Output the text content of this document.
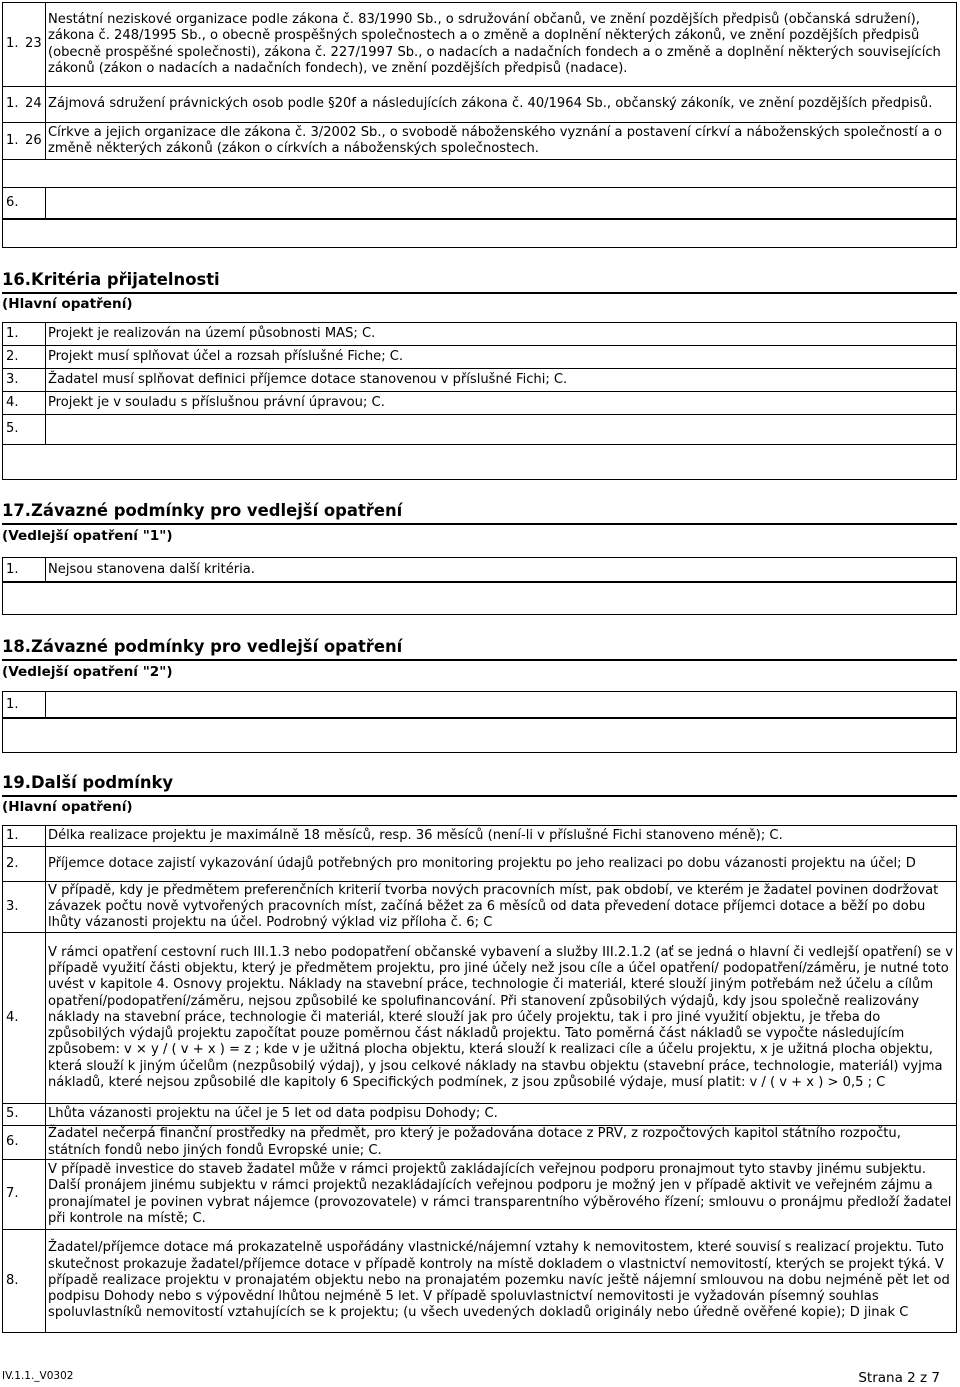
1. 23	Nestátní neziskové organizace podle zákona č. 83/1990 Sb., o sdružování občanů, ve znění pozdějších předpisů (občanská sdružení), zákona č. 248/1995 Sb., o obecně prospěšných společnostech a o změně a doplnění některých zákonů, ve znění pozdějších předpisů (obecně prospěšné společnosti), zákona č. 227/1997 Sb., o nadacích a nadačních fondech a o změně a doplnění některých souvisejících zákonů (zákon o nadacích a nadačních fondech), ve znění pozdějších předpisů (nadace).
1. 24	Zájmová sdružení právnických osob podle §20f a následujících zákona č. 40/1964 Sb., občanský zákoník, ve znění pozdějších předpisů.
1. 26	Církve a jejich organizace dle zákona č. 3/2002 Sb., o svobodě náboženského vyznání a postavení církví a náboženských společností a o změně některých zákonů (zákon o církvích a náboženských společnostech.

6.	
16.Kritéria přijatelnosti
(Hlavní opatření)
1.	Projekt je realizován na území působnosti MAS; C.
2.	Projekt musí splňovat účel a rozsah příslušné Fiche; C.
3.	Žadatel musí splňovat definici příjemce dotace stanovenou v příslušné Fichi; C.
4.	Projekt je v souladu s příslušnou právní úpravou; C.
5.	
17.Závazné podmínky pro vedlejší opatření
(Vedlejší opatření "1")
1.	Nejsou stanovena další kritéria.
18.Závazné podmínky pro vedlejší opatření
(Vedlejší opatření "2")
1.	
19.Další podmínky
(Hlavní opatření)
1.	Délka realizace projektu je maximálně 18 měsíců, resp. 36 měsíců (není-li v příslušné Fichi stanoveno méně); C.
2.	Příjemce dotace zajistí vykazování údajů potřebných pro monitoring projektu po jeho realizaci po dobu vázanosti projektu na účel; D
3.	V případě, kdy je předmětem preferenčních kriterií tvorba nových pracovních míst, pak období, ve kterém je žadatel povinen dodržovat závazek počtu nově vytvořených pracovních míst, začíná běžet za 6 měsíců od data převedení dotace příjemci dotace a běží po dobu lhůty vázanosti projektu na účel. Podrobný výklad viz příloha č. 6; C
4.	V rámci opatření cestovní ruch III.1.3 nebo podopatření občanské vybavení a služby III.2.1.2 (ať se jedná o hlavní či vedlejší opatření) se v případě využití části objektu, který je předmětem projektu, pro jiné účely než jsou cíle a účel opatření/ podopatření/záměru, je nutné toto uvést v kapitole 4. Osnovy projektu. Náklady na stavební práce, technologie či materiál, které slouží jiným potřebám než účelu a cílům opatření/podopatření/záměru, nejsou způsobilé ke spolufinancování. Při stanovení způsobilých výdajů, kdy jsou společně realizovány náklady na stavební práce, technologie či materiál, které slouží jak pro účely projektu, tak i pro jiné využití objektu, je třeba do způsobilých výdajů projektu započítat pouze poměrnou část nákladů projektu. Tato poměrná část nákladů se vypočte následujícím způsobem: v × y / ( v + x ) = z ; kde v je užitná plocha objektu, která slouží k realizaci cíle a účelu projektu, x je užitná plocha objektu, která slouží k jiným účelům (nezpůsobilý výdaj), y jsou celkové náklady na stavbu objektu (stavební práce, technologie, materiál) vyjma nákladů, které nejsou způsobilé dle kapitoly 6 Specifických podmínek, z jsou způsobilé výdaje, musí platit: v / ( v + x ) > 0,5 ; C
5.	Lhůta vázanosti projektu na účel je 5 let od data podpisu Dohody; C.
6.	Žadatel nečerpá finanční prostředky na předmět, pro který je požadována dotace z PRV, z rozpočtových kapitol státního rozpočtu, státních fondů nebo jiných fondů Evropské unie; C.
7.	V případě investice do staveb žadatel může v rámci projektů zakládajících veřejnou podporu pronajmout tyto stavby jinému subjektu. Další pronájem jinému subjektu v rámci projektů nezakládajících veřejnou podporu je možný jen v případě aktivit ve veřejném zájmu a pronajímatel je povinen vybrat nájemce (provozovatele) v rámci transparentního výběrového řízení; smlouvu o pronájmu předloží žadatel při kontrole na místě; C.
8.	Žadatel/příjemce dotace má prokazatelně uspořádány vlastnické/nájemní vztahy k nemovitostem, které souvisí s realizací projektu. Tuto skutečnost prokazuje žadatel/příjemce dotace v případě kontroly na místě dokladem o vlastnictví nemovitostí, kterých se projekt týká. V případě realizace projektu v pronajatém objektu nebo na pronajatém pozemku navíc ještě nájemní smlouvou na dobu nejméně pět let od podpisu Dohody nebo s výpovědní lhůtou nejméně 5 let. V případě spoluvlastnictví nemovitosti je vyžadován písemný souhlas spoluvlastníků nemovitostí vztahujících se k projektu; (u všech uvedených dokladů originály nebo úředně ověřené kopie); D jinak C
IV.1.1._V0302	Strana 2 z 7
